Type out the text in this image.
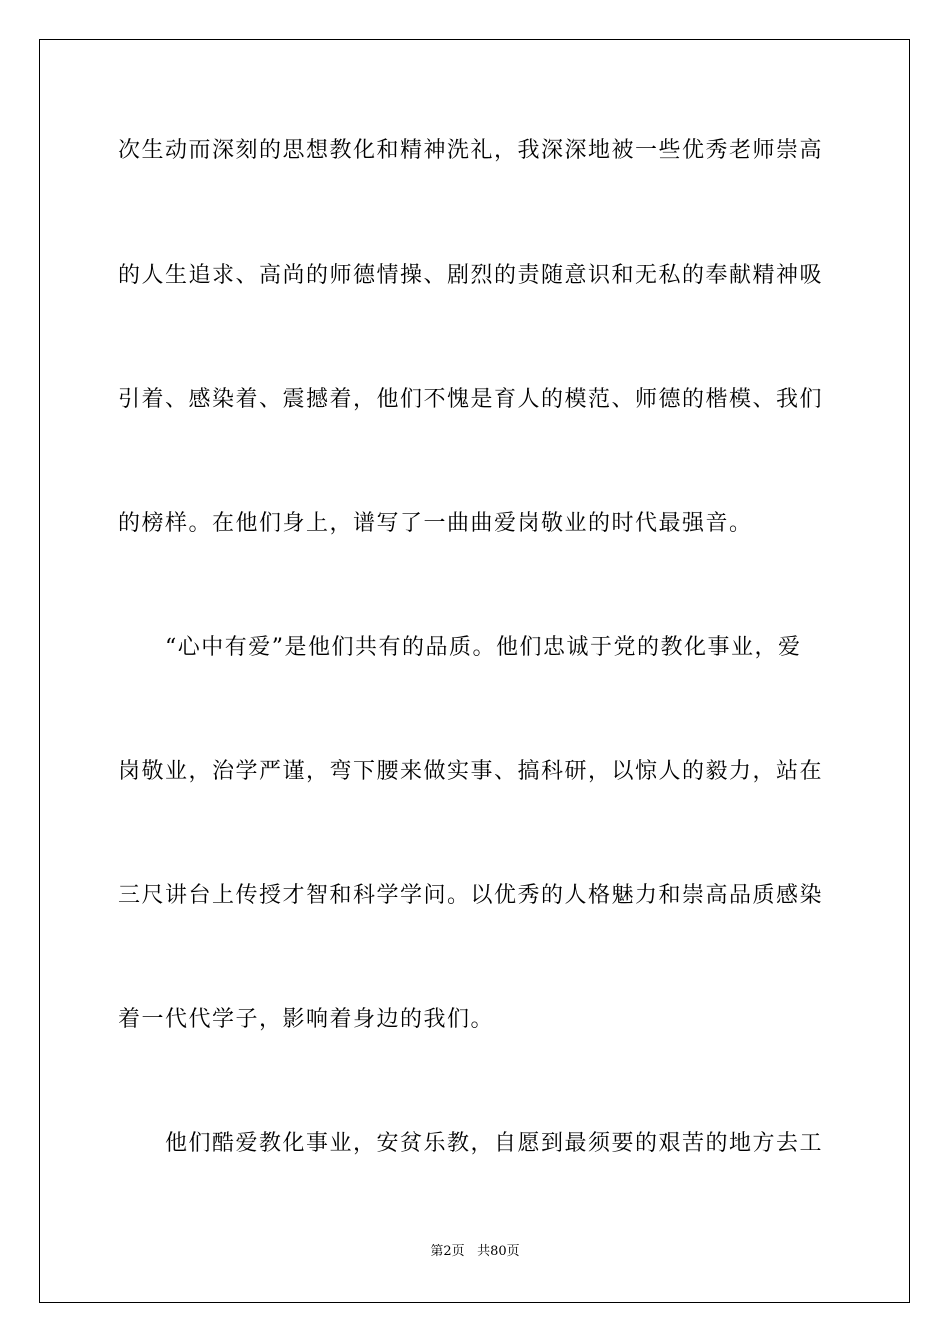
次生动而深刻的思想教化和精神洗礼，我深深地被一些优秀老师崇高
的人生追求、高尚的师德情操、剧烈的责随意识和无私的奉献精神吸
引着、感染着、震撼着，他们不愧是育人的模范、师德的楷模、我们
的榜样。在他们身上，谱写了一曲曲爱岗敬业的时代最强音。
“心中有爱”是他们共有的品质。他们忠诚于党的教化事业，爱
岗敬业，治学严谨，弯下腰来做实事、搞科研，以惊人的毅力，站在
三尺讲台上传授才智和科学学问。以优秀的人格魅力和崇高品质感染
着一代代学子，影响着身边的我们。
他们酷爱教化事业，安贫乐教，自愿到最须要的艰苦的地方去工
第2页 共80页
